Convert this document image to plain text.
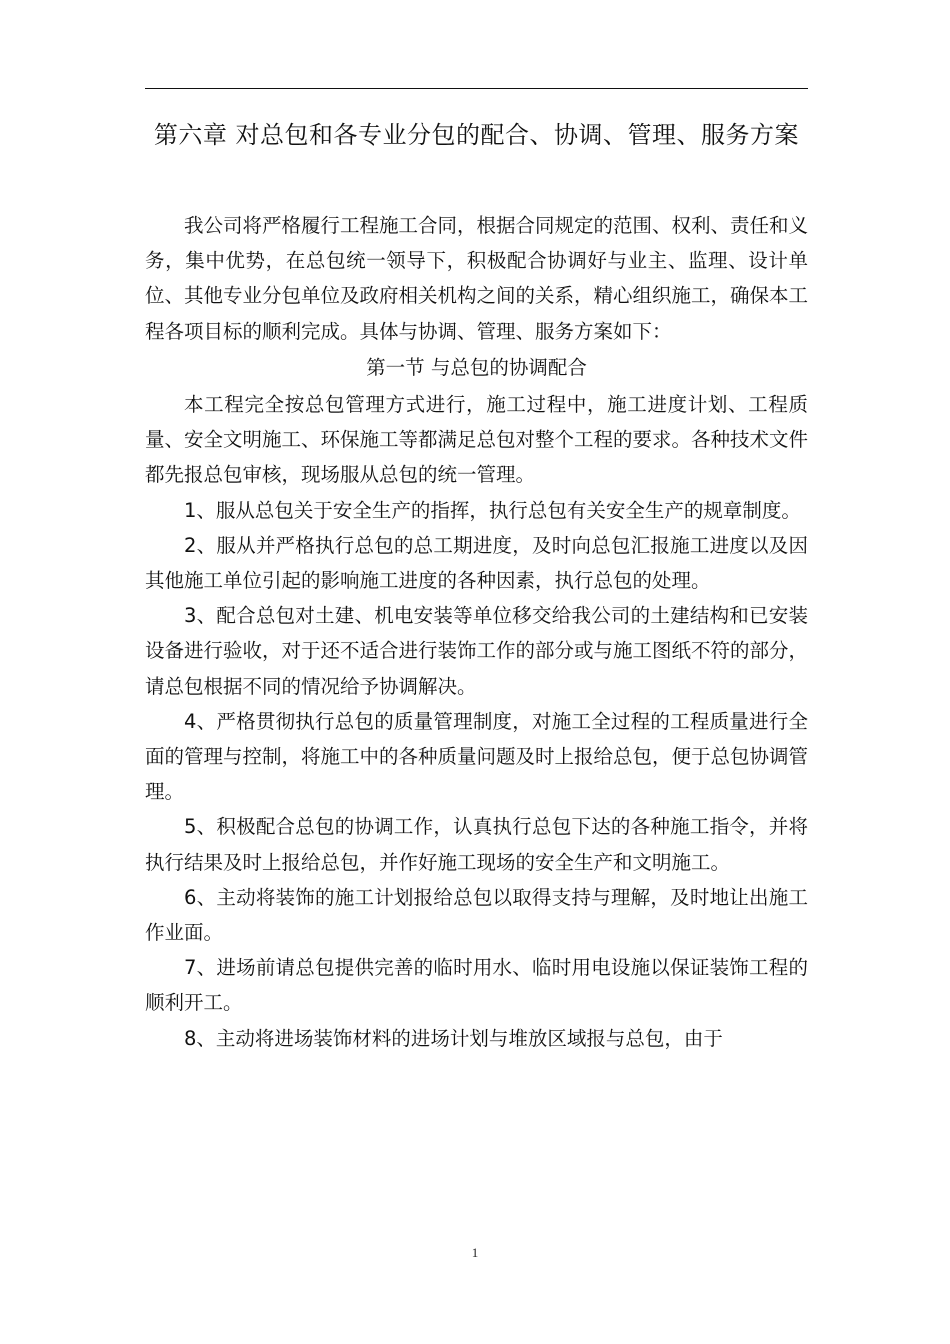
第六章 对总包和各专业分包的配合、协调、管理、服务方案

我公司将严格履行工程施工合同，根据合同规定的范围、权利、责任和义务，集中优势，在总包统一领导下，积极配合协调好与业主、监理、设计单位、其他专业分包单位及政府相关机构之间的关系，精心组织施工，确保本工程各项目标的顺利完成。具体与协调、管理、服务方案如下：

第一节 与总包的协调配合

本工程完全按总包管理方式进行，施工过程中，施工进度计划、工程质量、安全文明施工、环保施工等都满足总包对整个工程的要求。各种技术文件都先报总包审核，现场服从总包的统一管理。

1、服从总包关于安全生产的指挥，执行总包有关安全生产的规章制度。

2、服从并严格执行总包的总工期进度，及时向总包汇报施工进度以及因其他施工单位引起的影响施工进度的各种因素，执行总包的处理。

3、配合总包对土建、机电安装等单位移交给我公司的土建结构和已安装设备进行验收，对于还不适合进行装饰工作的部分或与施工图纸不符的部分，请总包根据不同的情况给予协调解决。

4、严格贯彻执行总包的质量管理制度，对施工全过程的工程质量进行全面的管理与控制，将施工中的各种质量问题及时上报给总包，便于总包协调管理。

5、积极配合总包的协调工作，认真执行总包下达的各种施工指令，并将执行结果及时上报给总包，并作好施工现场的安全生产和文明施工。

6、主动将装饰的施工计划报给总包以取得支持与理解，及时地让出施工作业面。

7、进场前请总包提供完善的临时用水、临时用电设施以保证装饰工程的顺利开工。

8、主动将进场装饰材料的进场计划与堆放区域报与总包，由于

1
